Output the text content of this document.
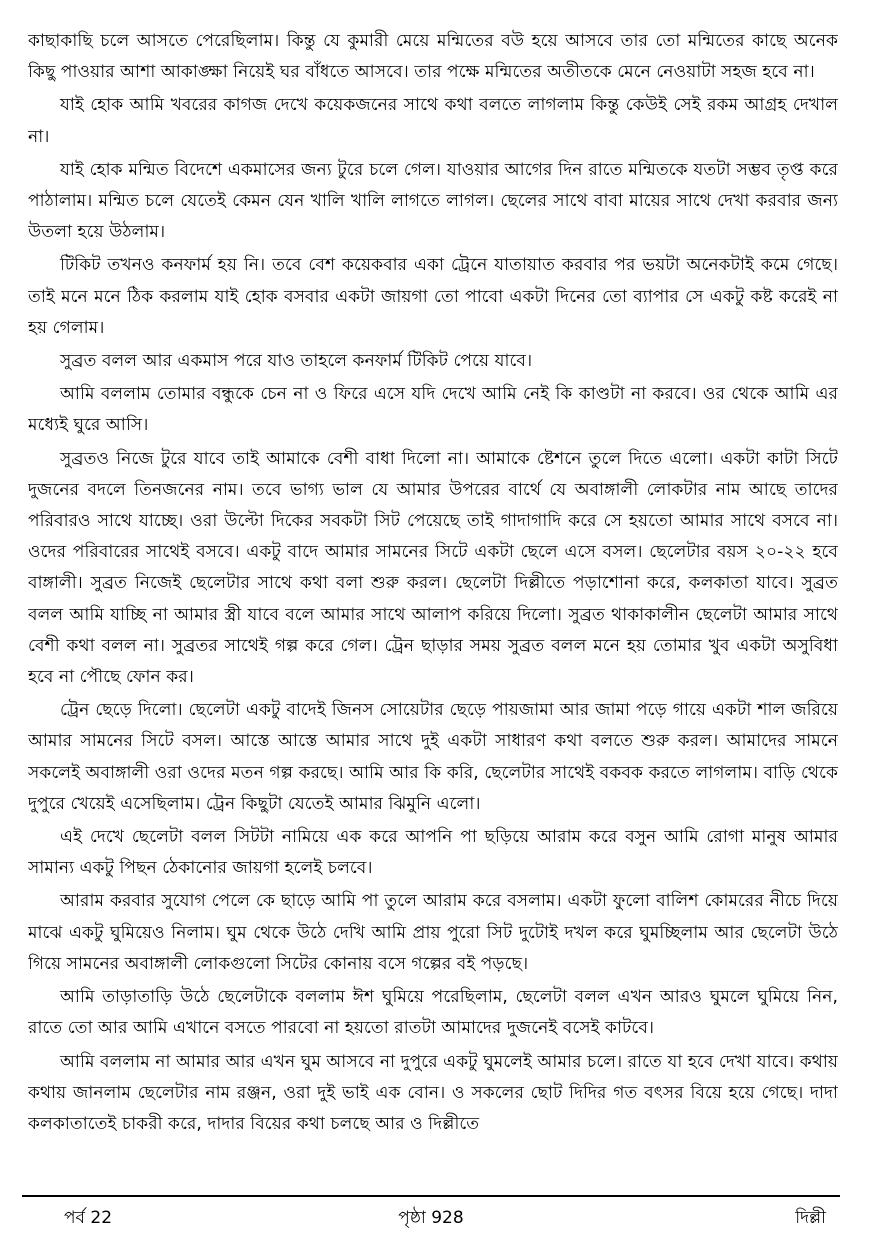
কাছাকাছি চলে আসতে পেরেছিলাম। কিন্তু যে কুমারী মেয়ে মন্মিতের বউ হয়ে আসবে তার তো মন্মিতের কাছে অনেক কিছু পাওয়ার আশা আকাঙ্ক্ষা নিয়েই ঘর বাঁধতে আসবে। তার পক্ষে মন্মিতের অতীতকে মেনে নেওয়াটা সহজ হবে না।

যাই হোক আমি খবরের কাগজ দেখে কয়েকজনের সাথে কথা বলতে লাগলাম কিন্তু কেউই সেই রকম আগ্রহ দেখাল না।

যাই হোক মন্মিত বিদেশে একমাসের জন্য টুরে চলে গেল। যাওয়ার আগের দিন রাতে মন্মিতকে যতটা সম্ভব তৃপ্ত করে পাঠালাম। মন্মিত চলে যেতেই কেমন যেন খালি খালি লাগতে লাগল। ছেলের সাথে বাবা মায়ের সাথে দেখা করবার জন্য উতলা হয়ে উঠলাম।

টিকিট তখনও কনফার্ম হয় নি। তবে বেশ কয়েকবার একা ট্রেনে যাতায়াত করবার পর ভয়টা অনেকটাই কমে গেছে। তাই মনে মনে ঠিক করলাম যাই হোক বসবার একটা জায়গা তো পাবো একটা দিনের তো ব্যাপার সে একটু কষ্ট করেই না হয় গেলাম।

সুব্রত বলল আর একমাস পরে যাও তাহলে কনফার্ম টিকিট পেয়ে যাবে।

আমি বললাম তোমার বন্ধুকে চেন না ও ফিরে এসে যদি দেখে আমি নেই কি কাণ্ডটা না করবে। ওর থেকে আমি এর মধ্যেই ঘুরে আসি।

সুব্রতও নিজে টুরে যাবে তাই আমাকে বেশী বাধা দিলো না। আমাকে ষ্টেশনে তুলে দিতে এলো। একটা কাটা সিটে দুজনের বদলে তিনজনের নাম। তবে ভাগ্য ভাল যে আমার উপরের বার্থে যে অবাঙ্গালী লোকটার নাম আছে তাদের পরিবারও সাথে যাচ্ছে। ওরা উল্টো দিকের সবকটা সিট পেয়েছে তাই গাদাগাদি করে সে হয়তো আমার সাথে বসবে না। ওদের পরিবারের সাথেই বসবে। একটু বাদে আমার সামনের সিটে একটা ছেলে এসে বসল। ছেলেটার বয়স ২০-২২ হবে বাঙ্গালী। সুব্রত নিজেই ছেলেটার সাথে কথা বলা শুরু করল। ছেলেটা দিল্লীতে পড়াশোনা করে, কলকাতা যাবে। সুব্রত বলল আমি যাচ্ছি না আমার স্ত্রী যাবে বলে আমার সাথে আলাপ করিয়ে দিলো। সুব্রত থাকাকালীন ছেলেটা আমার সাথে বেশী কথা বলল না। সুব্রতর সাথেই গল্প করে গেল। ট্রেন ছাড়ার সময় সুব্রত বলল মনে হয় তোমার খুব একটা অসুবিধা হবে না পৌছে ফোন কর।

ট্রেন ছেড়ে দিলো। ছেলেটা একটু বাদেই জিনস সোয়েটার ছেড়ে পায়জামা আর জামা পড়ে গায়ে একটা শাল জরিয়ে আমার সামনের সিটে বসল। আস্তে আস্তে আমার সাথে দুই একটা সাধারণ কথা বলতে শুরু করল। আমাদের সামনে সকলেই অবাঙ্গালী ওরা ওদের মতন গল্প করছে। আমি আর কি করি, ছেলেটার সাথেই বকবক করতে লাগলাম। বাড়ি থেকে দুপুরে খেয়েই এসেছিলাম। ট্রেন কিছুটা যেতেই আমার ঝিমুনি এলো।

এই দেখে ছেলেটা বলল সিটটা নামিয়ে এক করে আপনি পা ছড়িয়ে আরাম করে বসুন আমি রোগা মানুষ আমার সামান্য একটু পিছন ঠেকানোর জায়গা হলেই চলবে।

আরাম করবার সুযোগ পেলে কে ছাড়ে আমি পা তুলে আরাম করে বসলাম। একটা ফুলো বালিশ কোমরের নীচে দিয়ে মাঝে একটু ঘুমিয়েও নিলাম। ঘুম থেকে উঠে দেখি আমি প্রায় পুরো সিট দুটোই দখল করে ঘুমচ্ছিলাম আর ছেলেটা উঠে গিয়ে সামনের অবাঙ্গালী লোকগুলো সিটের কোনায় বসে গল্পের বই পড়ছে।

আমি তাড়াতাড়ি উঠে ছেলেটাকে বললাম ঈশ ঘুমিয়ে পরেছিলাম, ছেলেটা বলল এখন আরও ঘুমলে ঘুমিয়ে নিন, রাতে তো আর আমি এখানে বসতে পারবো না হয়তো রাতটা আমাদের দুজনেই বসেই কাটবে।

আমি বললাম না আমার আর এখন ঘুম আসবে না দুপুরে একটু ঘুমলেই আমার চলে। রাতে যা হবে দেখা যাবে। কথায় কথায় জানলাম ছেলেটার নাম রঞ্জন, ওরা দুই ভাই এক বোন। ও সকলের ছোট দিদির গত বৎসর বিয়ে হয়ে গেছে। দাদা কলকাতাতেই চাকরী করে, দাদার বিয়ের কথা চলছে আর ও দিল্লীতে

পর্ব 22	পৃষ্ঠা 928	দিল্লী
